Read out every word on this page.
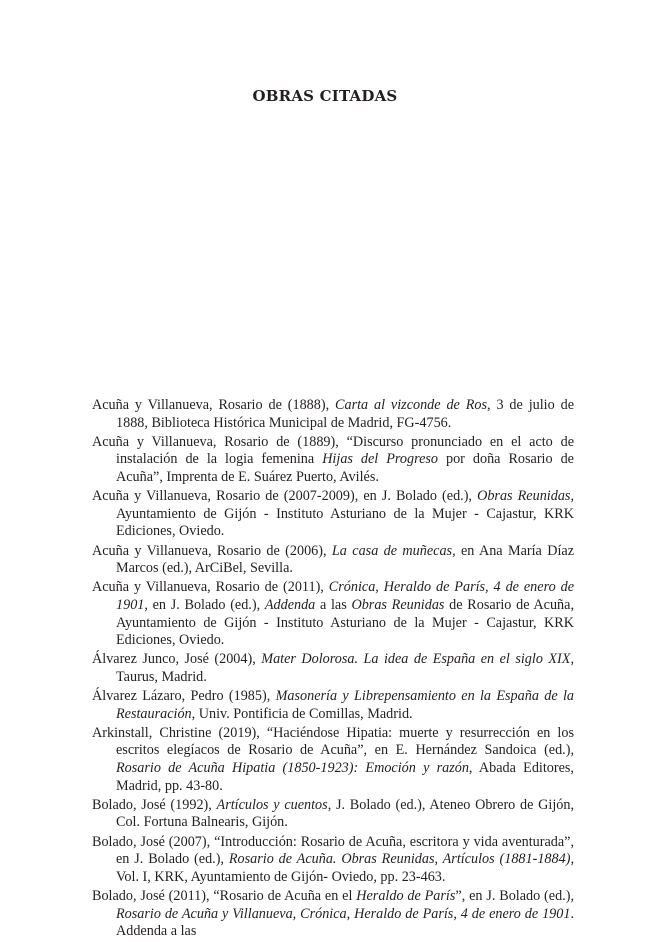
OBRAS CITADAS

Acuña y Villanueva, Rosario de (1888), Carta al vizconde de Ros, 3 de julio de 1888, Biblioteca Histórica Municipal de Madrid, FG-4756.

Acuña y Villanueva, Rosario de (1889), “Discurso pronunciado en el acto de instalación de la logia femenina Hijas del Progreso por doña Rosario de Acuña”, Imprenta de E. Suárez Puerto, Avilés.

Acuña y Villanueva, Rosario de (2007-2009), en J. Bolado (ed.), Obras Reunidas, Ayuntamiento de Gijón - Instituto Asturiano de la Mujer - Cajastur, KRK Ediciones, Oviedo.

Acuña y Villanueva, Rosario de (2006), La casa de muñecas, en Ana María Díaz Marcos (ed.), ArCiBel, Sevilla.

Acuña y Villanueva, Rosario de (2011), Crónica, Heraldo de París, 4 de enero de 1901, en J. Bolado (ed.), Addenda a las Obras Reunidas de Rosario de Acuña, Ayuntamiento de Gijón - Instituto Asturiano de la Mujer - Cajastur, KRK Ediciones, Oviedo.

Álvarez Junco, José (2004), Mater Dolorosa. La idea de España en el siglo XIX, Taurus, Madrid.

Álvarez Lázaro, Pedro (1985), Masonería y Librepensamiento en la España de la Restauración, Univ. Pontificia de Comillas, Madrid.

Arkinstall, Christine (2019), “Haciéndose Hipatia: muerte y resurrección en los escritos elegíacos de Rosario de Acuña”, en E. Hernández Sandoica (ed.), Rosario de Acuña Hipatia (1850-1923): Emoción y razón, Abada Editores, Madrid, pp. 43-80.

Bolado, José (1992), Artículos y cuentos, J. Bolado (ed.), Ateneo Obrero de Gijón, Col. Fortuna Balnearis, Gijón.

Bolado, José (2007), “Introducción: Rosario de Acuña, escritora y vida aventurada”, en J. Bolado (ed.), Rosario de Acuña. Obras Reunidas, Artículos (1881-1884), Vol. I, KRK, Ayuntamiento de Gijón- Oviedo, pp. 23-463.

Bolado, José (2011), “Rosario de Acuña en el Heraldo de París”, en J. Bolado (ed.), Rosario de Acuña y Villanueva, Crónica, Heraldo de París, 4 de enero de 1901. Addenda a las
